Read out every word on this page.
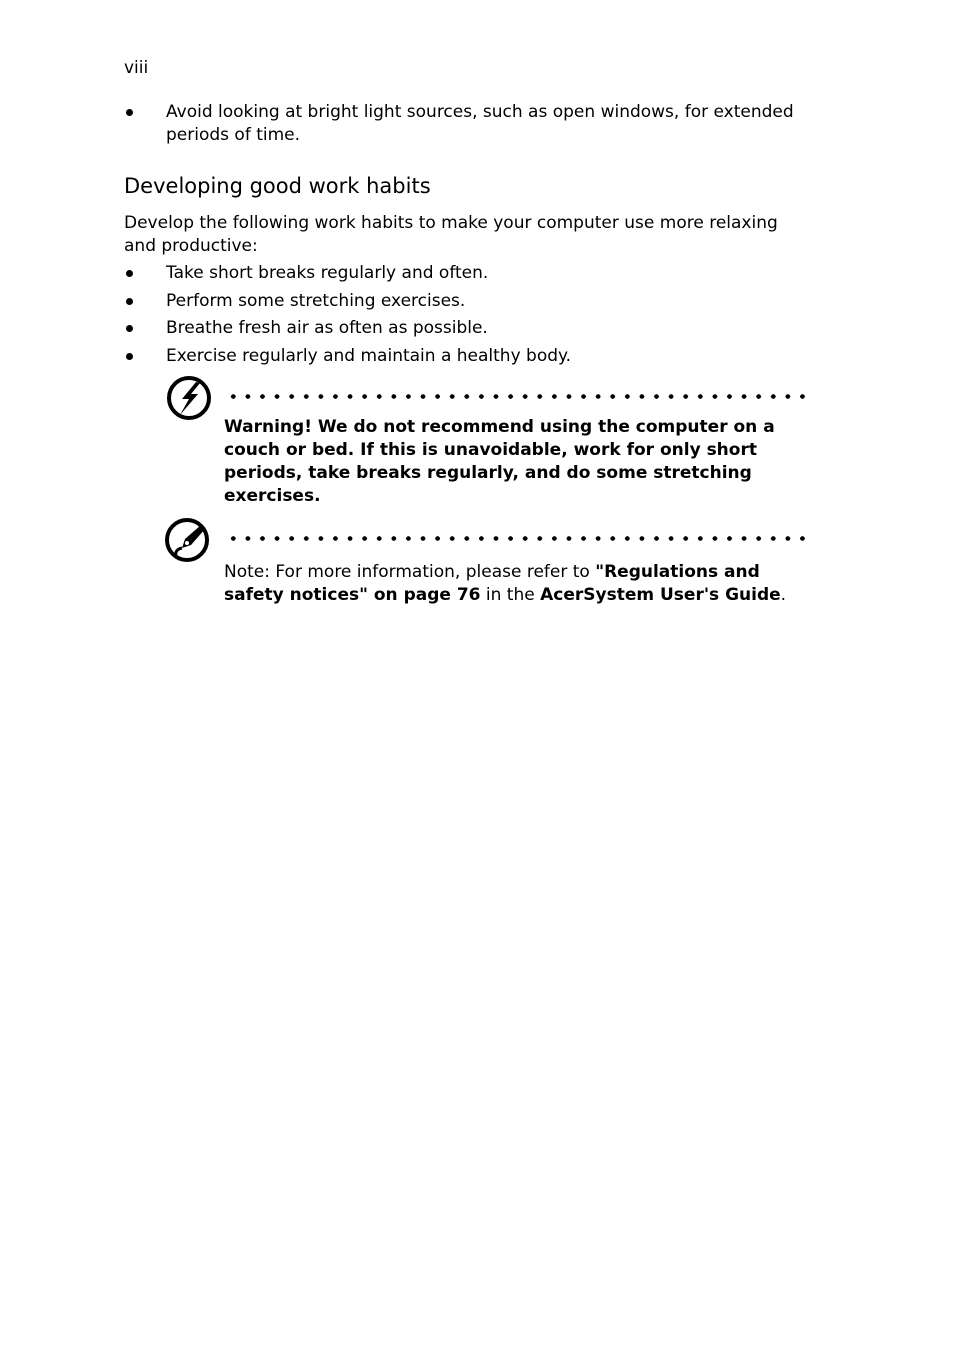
viii
Avoid looking at bright light sources, such as open windows, for extended periods of time.
Developing good work habits

Develop the following work habits to make your computer use more relaxing and productive:

Take short breaks regularly and often.
Perform some stretching exercises.
Breathe fresh air as often as possible.
Exercise regularly and maintain a healthy body.

Warning! We do not recommend using the computer on a couch or bed. If this is unavoidable, work for only short periods, take breaks regularly, and do some stretching exercises.

Note: For more information, please refer to "Regulations and safety notices" on page 76 in the AcerSystem User's Guide.
